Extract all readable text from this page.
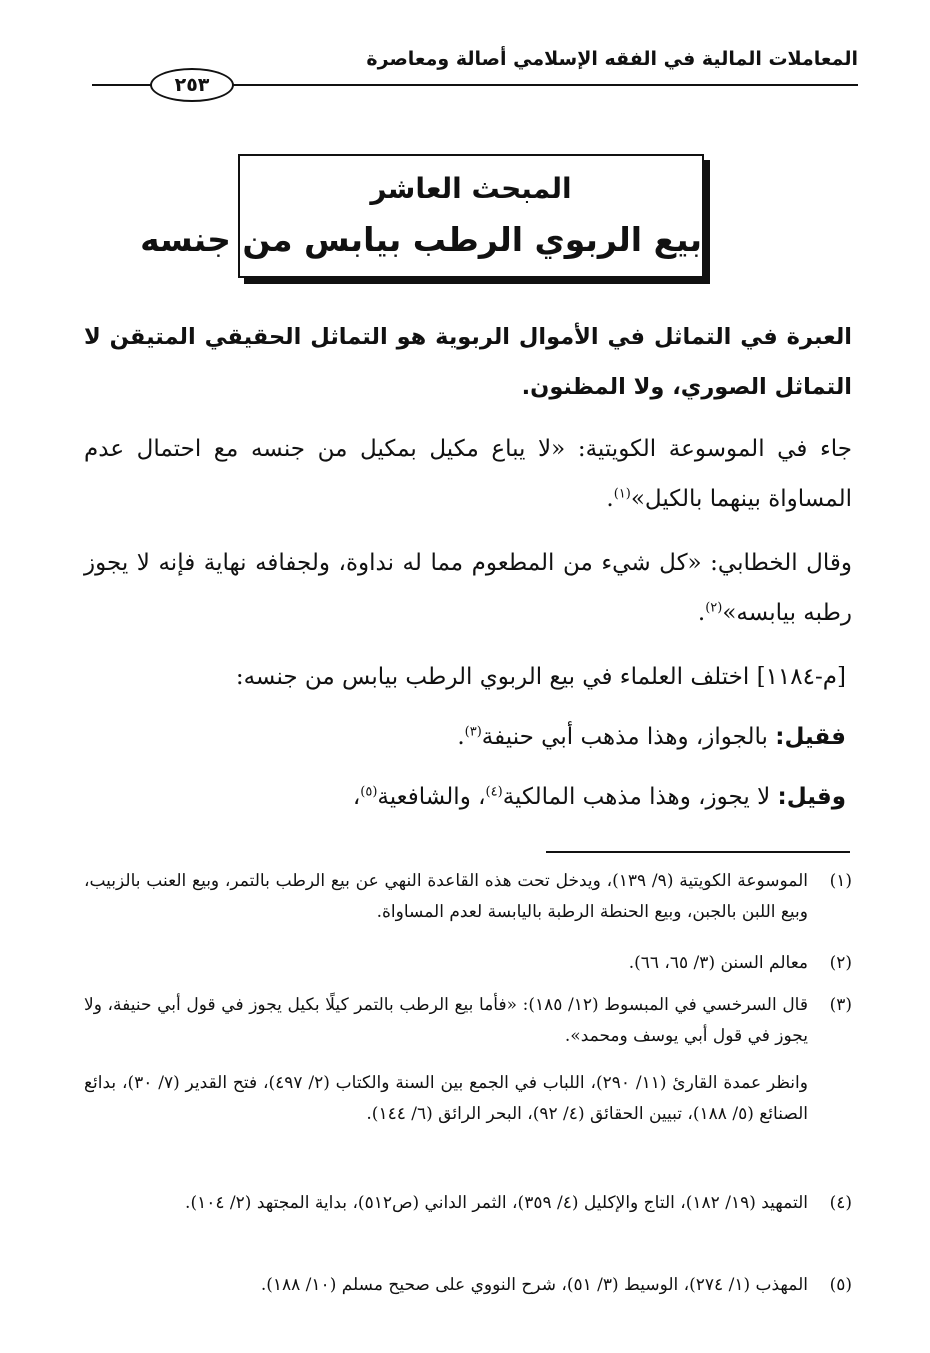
المعاملات المالية في الفقه الإسلامي أصالة ومعاصرة
٢٥٣
المبحث العاشر
بيع الربوي الرطب بيابس من جنسه
العبرة في التماثل في الأموال الربوية هو التماثل الحقيقي المتيقن لا التماثل الصوري، ولا المظنون.
جاء في الموسوعة الكويتية: «لا يباع مكيل بمكيل من جنسه مع احتمال عدم المساواة بينهما بالكيل»$^{(١)}$.
وقال الخطابي: «كل شيء من المطعوم مما له نداوة، ولجفافه نهاية فإنه لا يجوز رطبه بيابسه»$^{(٢)}$.
[م-١١٨٤] اختلف العلماء في بيع الربوي الرطب بيابس من جنسه:
فقيل: بالجواز، وهذا مذهب أبي حنيفة$^{(٣)}$.
وقيل: لا يجوز، وهذا مذهب المالكية$^{(٤)}$، والشافعية$^{(٥)}$،
(١)
الموسوعة الكويتية (٩/ ١٣٩)، ويدخل تحت هذه القاعدة النهي عن بيع الرطب بالتمر، وبيع العنب بالزبيب، وبيع اللبن بالجبن، وبيع الحنطة الرطبة باليابسة لعدم المساواة.
(٢)
معالم السنن (٣/ ٦٥، ٦٦).
(٣)
قال السرخسي في المبسوط (١٢/ ١٨٥): «فأما بيع الرطب بالتمر كيلًا بكيل يجوز في قول أبي حنيفة، ولا يجوز في قول أبي يوسف ومحمد».
وانظر عمدة القارئ (١١/ ٢٩٠)، اللباب في الجمع بين السنة والكتاب (٢/ ٤٩٧)، فتح القدير (٧/ ٣٠)، بدائع الصنائع (٥/ ١٨٨)، تبيين الحقائق (٤/ ٩٢)، البحر الرائق (٦/ ١٤٤).
(٤)
التمهيد (١٩/ ١٨٢)، التاج والإكليل (٤/ ٣٥٩)، الثمر الداني (ص٥١٢)، بداية المجتهد (٢/ ١٠٤).
(٥)
المهذب (١/ ٢٧٤)، الوسيط (٣/ ٥١)، شرح النووي على صحيح مسلم (١٠/ ١٨٨).
